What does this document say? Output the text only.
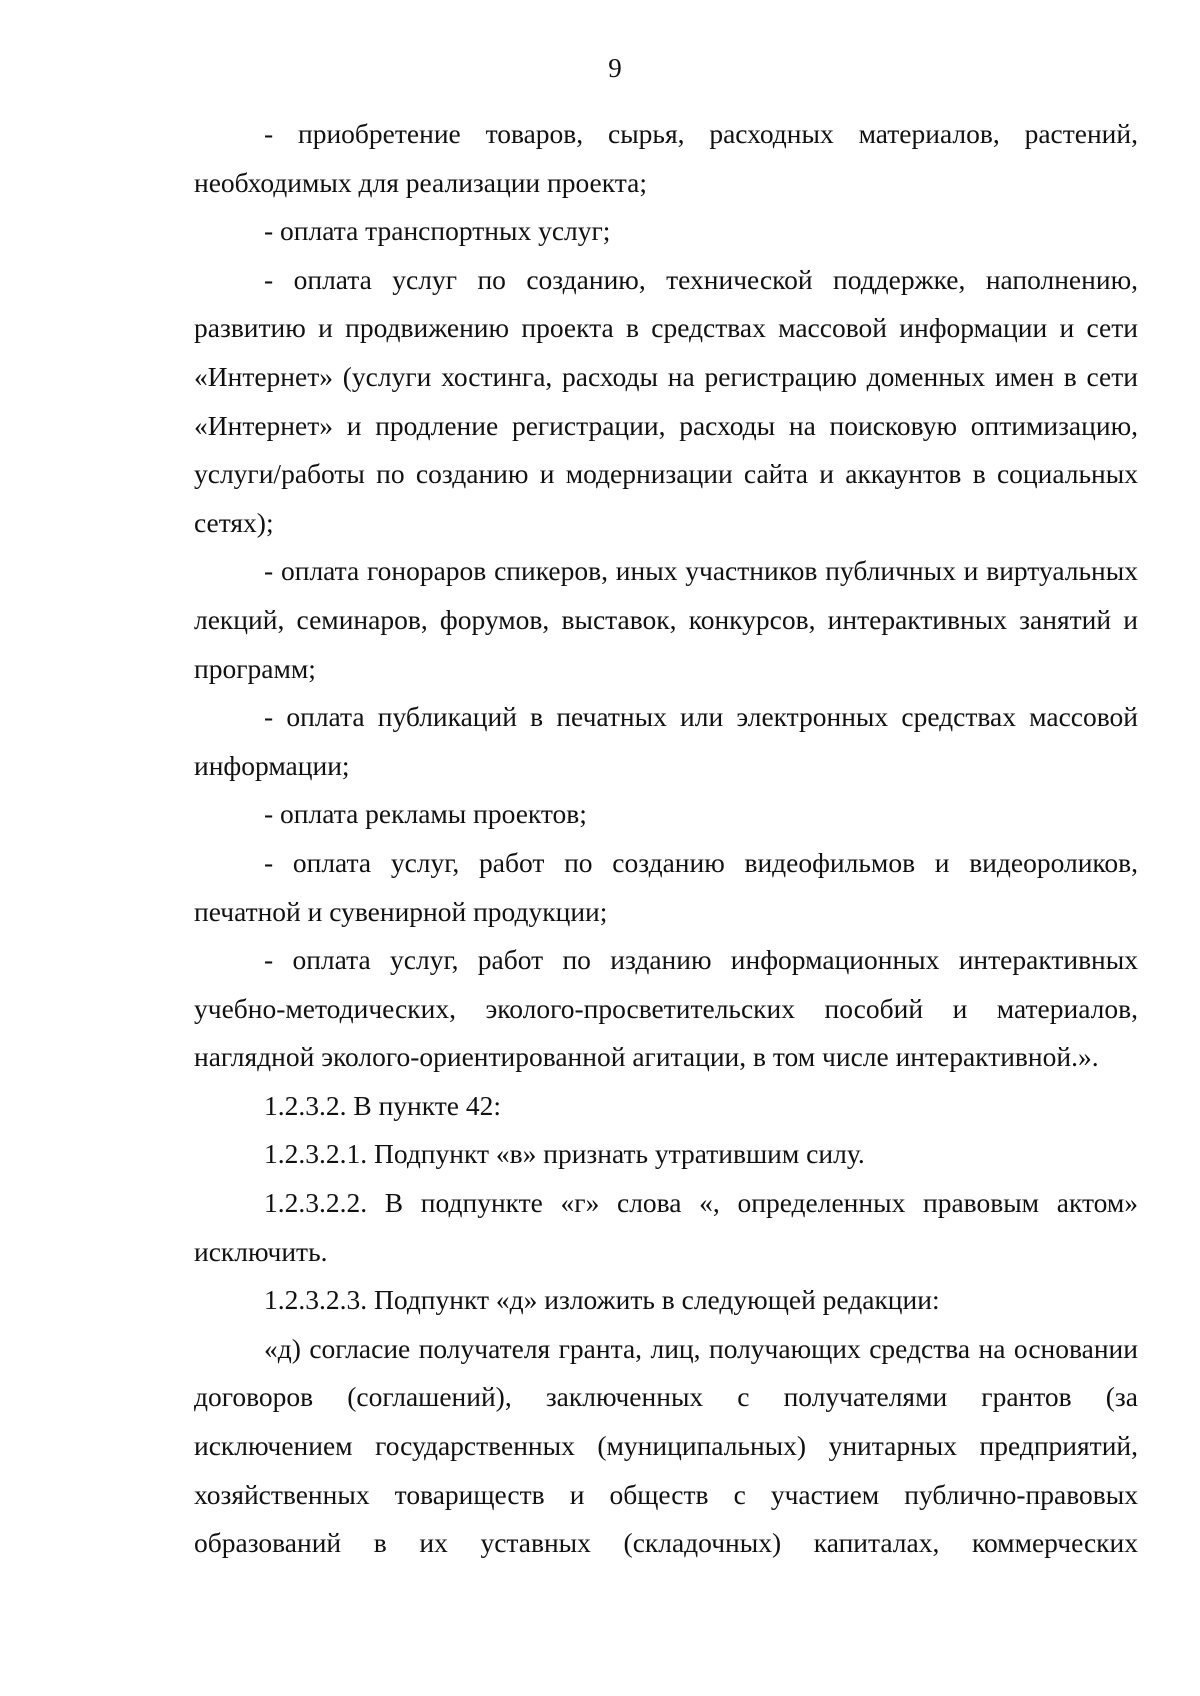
9

- приобретение товаров, сырья, расходных материалов, растений, необходимых для реализации проекта;

- оплата транспортных услуг;

- оплата услуг по созданию, технической поддержке, наполнению, развитию и продвижению проекта в средствах массовой информации и сети «Интернет» (услуги хостинга, расходы на регистрацию доменных имен в сети «Интернет» и продление регистрации, расходы на поисковую оптимизацию, услуги/работы по созданию и модернизации сайта и аккаунтов в социальных сетях);

- оплата гонораров спикеров, иных участников публичных и виртуальных лекций, семинаров, форумов, выставок, конкурсов, интерактивных занятий и программ;

- оплата публикаций в печатных или электронных средствах массовой информации;

- оплата рекламы проектов;

- оплата услуг, работ по созданию видеофильмов и видеороликов, печатной и сувенирной продукции;

- оплата услуг, работ по изданию информационных интерактивных учебно-методических, эколого-просветительских пособий и материалов, наглядной эколого-ориентированной агитации, в том числе интерактивной.».

1.2.3.2. В пункте 42:

1.2.3.2.1. Подпункт «в» признать утратившим силу.

1.2.3.2.2. В подпункте «г» слова «, определенных правовым актом» исключить.

1.2.3.2.3. Подпункт «д» изложить в следующей редакции:

«д) согласие получателя гранта, лиц, получающих средства на основании договоров (соглашений), заключенных с получателями грантов (за исключением государственных (муниципальных) унитарных предприятий, хозяйственных товариществ и обществ с участием публично-правовых образований в их уставных (складочных) капиталах, коммерческих
